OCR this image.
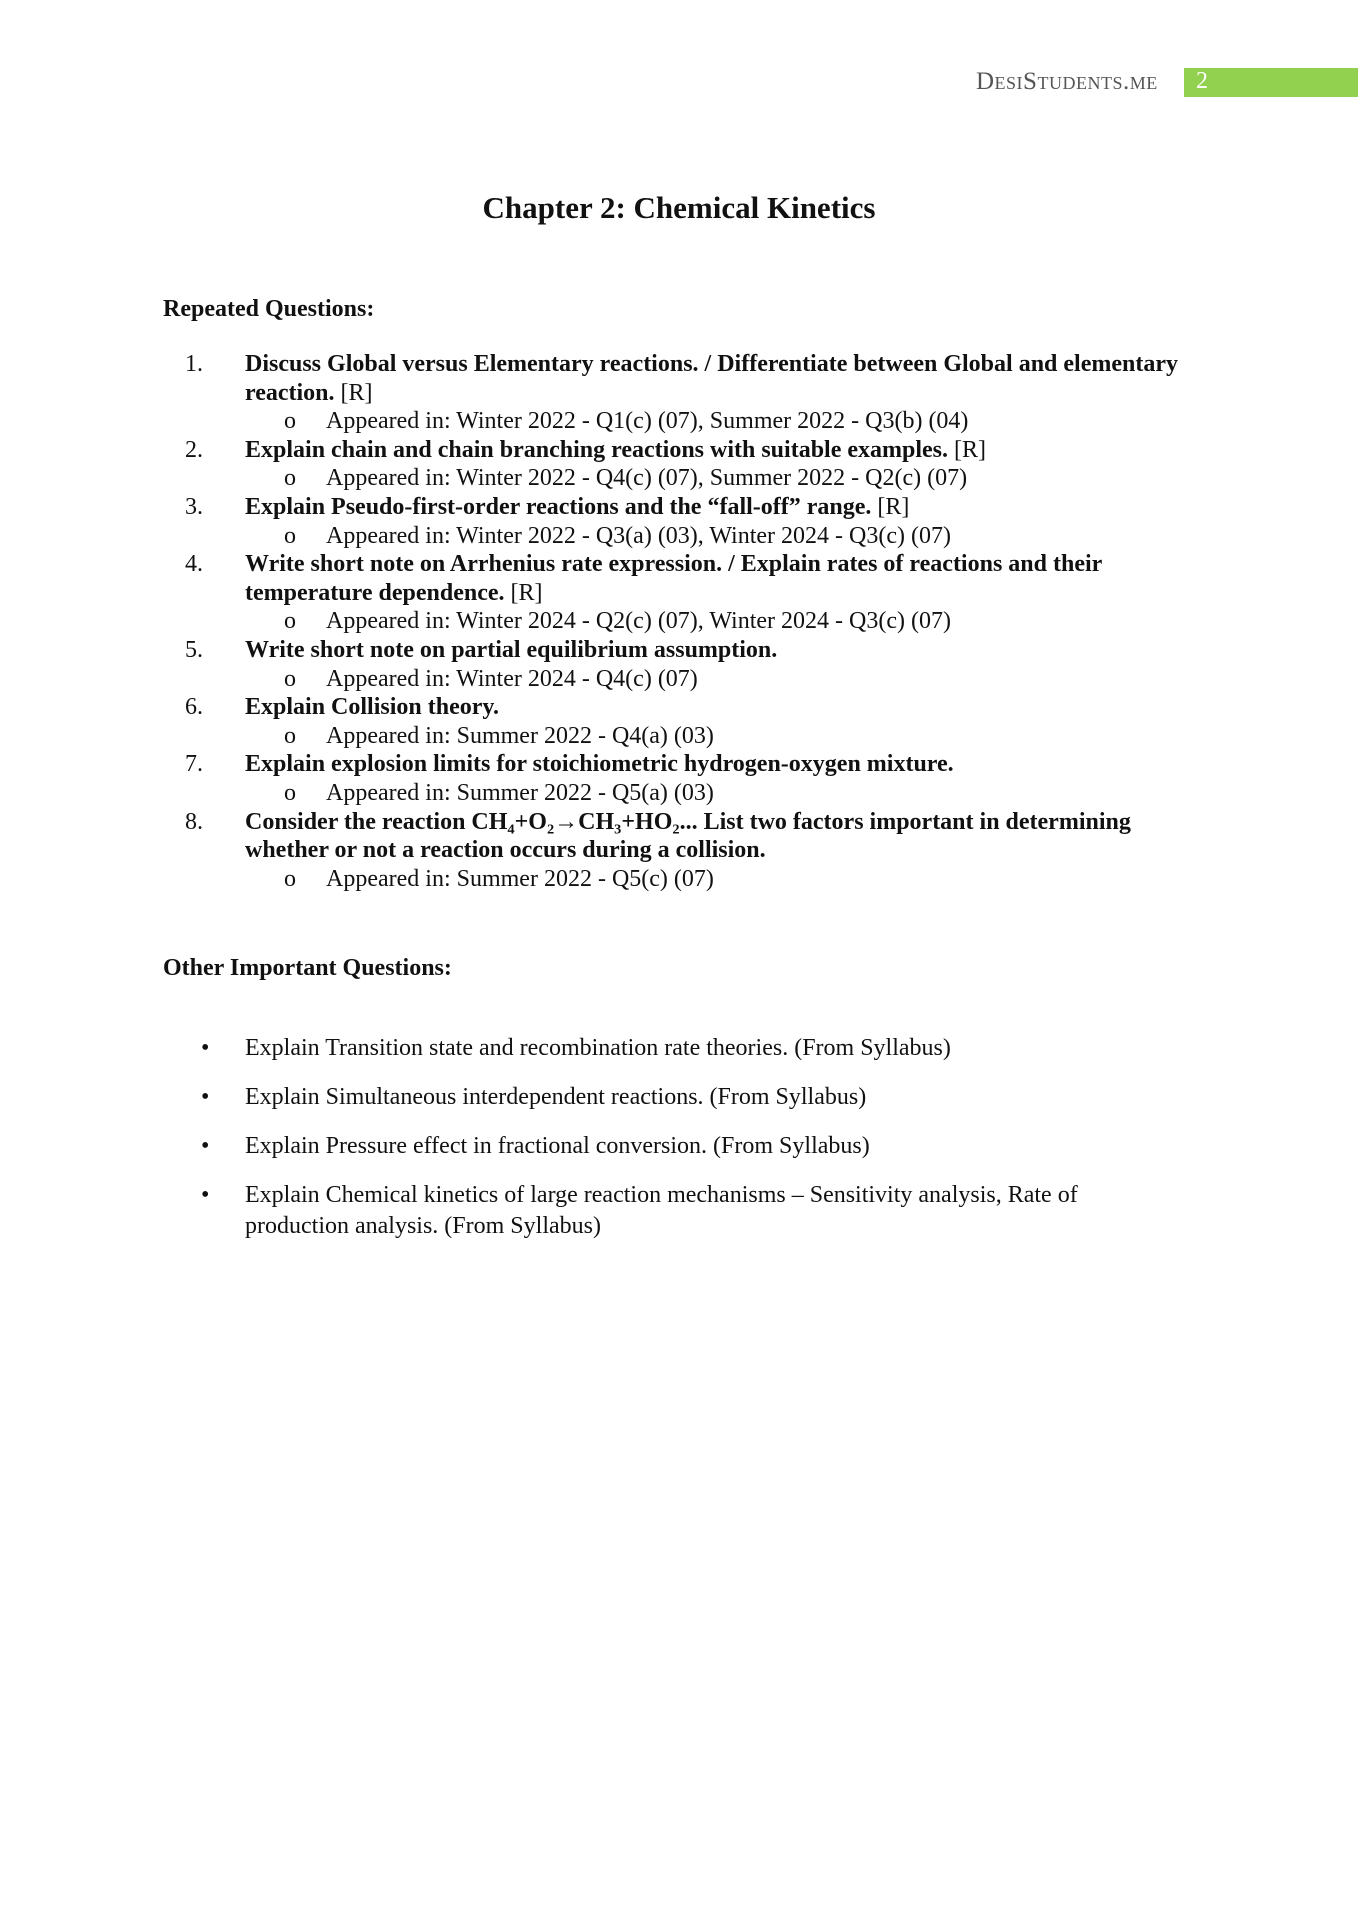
DesiStudents.me	2
Chapter 2: Chemical Kinetics
Repeated Questions:
1. Discuss Global versus Elementary reactions. / Differentiate between Global and elementary reaction. [R]
o Appeared in: Winter 2022 - Q1(c) (07), Summer 2022 - Q3(b) (04)
2. Explain chain and chain branching reactions with suitable examples. [R]
o Appeared in: Winter 2022 - Q4(c) (07), Summer 2022 - Q2(c) (07)
3. Explain Pseudo-first-order reactions and the “fall-off” range. [R]
o Appeared in: Winter 2022 - Q3(a) (03), Winter 2024 - Q3(c) (07)
4. Write short note on Arrhenius rate expression. / Explain rates of reactions and their temperature dependence. [R]
o Appeared in: Winter 2024 - Q2(c) (07), Winter 2024 - Q3(c) (07)
5. Write short note on partial equilibrium assumption.
o Appeared in: Winter 2024 - Q4(c) (07)
6. Explain Collision theory.
o Appeared in: Summer 2022 - Q4(a) (03)
7. Explain explosion limits for stoichiometric hydrogen-oxygen mixture.
o Appeared in: Summer 2022 - Q5(a) (03)
8. Consider the reaction CH₄+O₂→CH₃+HO₂... List two factors important in determining whether or not a reaction occurs during a collision.
o Appeared in: Summer 2022 - Q5(c) (07)
Other Important Questions:
• Explain Transition state and recombination rate theories. (From Syllabus)
• Explain Simultaneous interdependent reactions. (From Syllabus)
• Explain Pressure effect in fractional conversion. (From Syllabus)
• Explain Chemical kinetics of large reaction mechanisms – Sensitivity analysis, Rate of production analysis. (From Syllabus)
